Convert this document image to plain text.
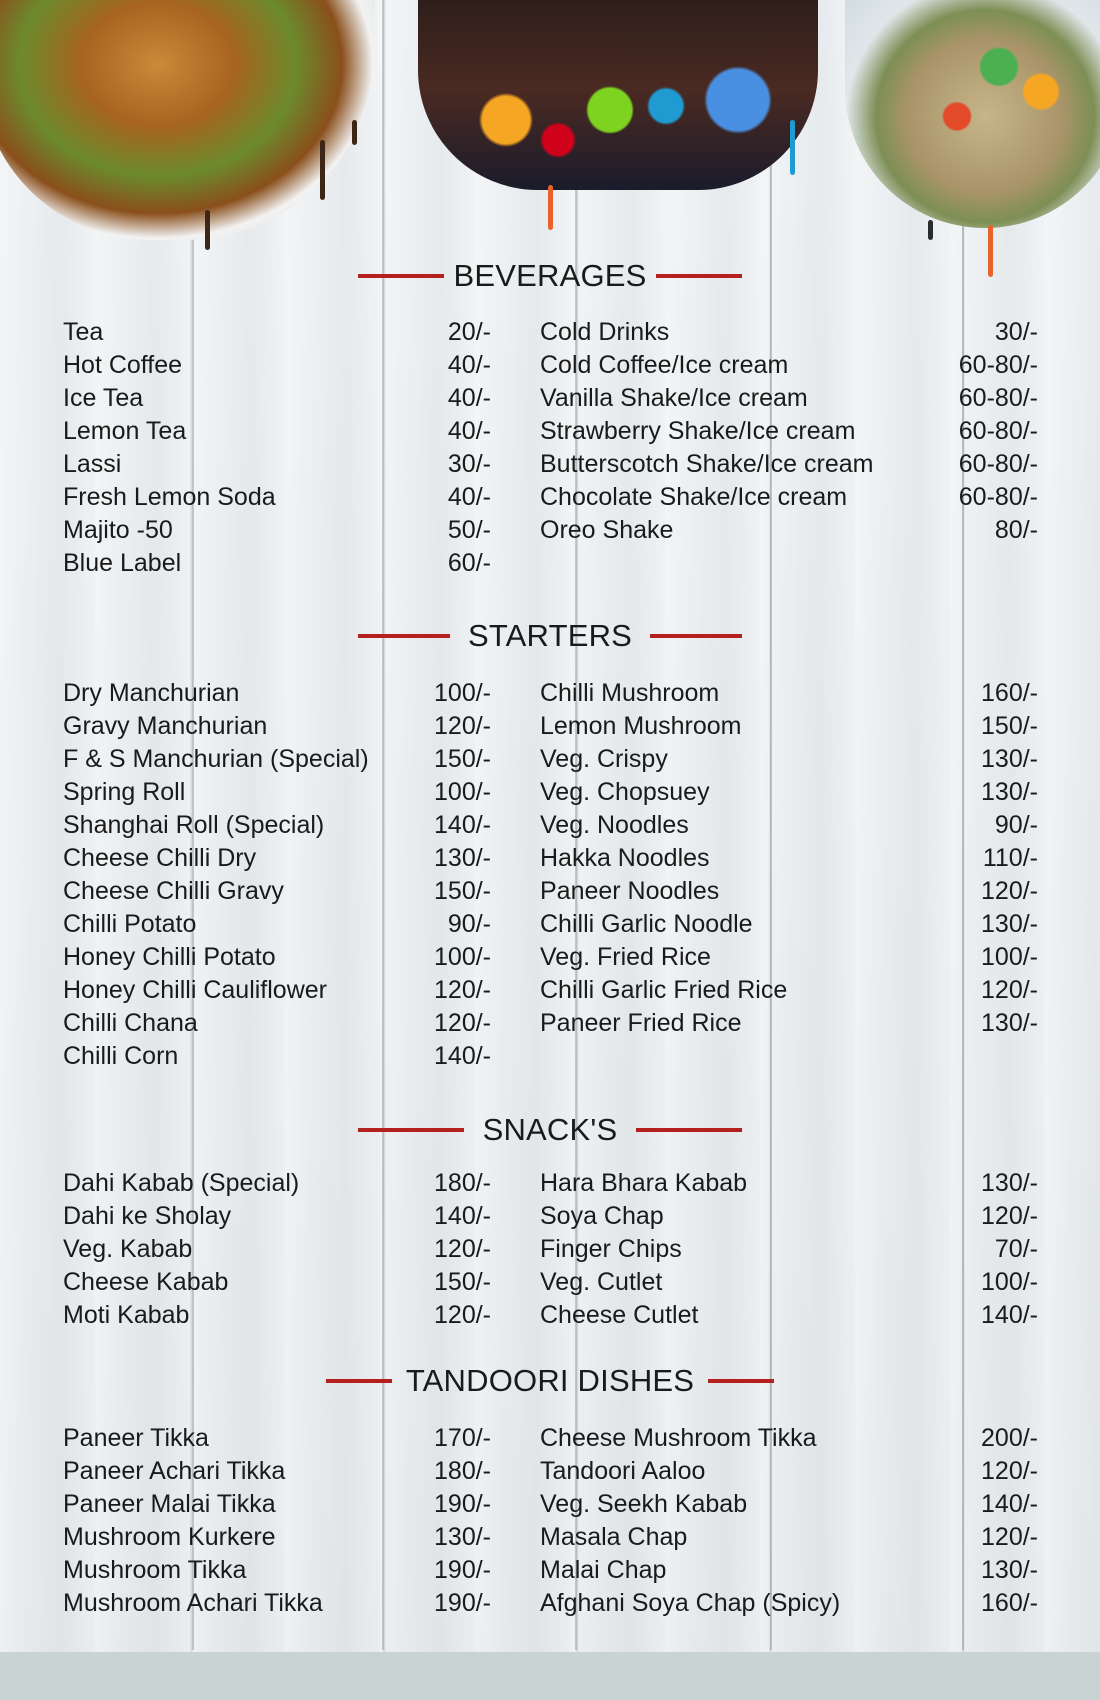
BEVERAGES
Tea	20/-
Hot Coffee	40/-
Ice Tea	40/-
Lemon Tea	40/-
Lassi	30/-
Fresh Lemon Soda	40/-
Majito -50	50/-
Blue Label	60/-
Cold Drinks	30/-
Cold Coffee/Ice cream	60-80/-
Vanilla Shake/Ice cream	60-80/-
Strawberry Shake/Ice cream	60-80/-
Butterscotch Shake/Ice cream	60-80/-
Chocolate Shake/Ice cream	60-80/-
Oreo Shake	80/-
STARTERS
Dry Manchurian	100/-
Gravy Manchurian	120/-
F & S Manchurian (Special)	150/-
Spring Roll	100/-
Shanghai Roll (Special)	140/-
Cheese Chilli Dry	130/-
Cheese Chilli Gravy	150/-
Chilli Potato	90/-
Honey Chilli Potato	100/-
Honey Chilli Cauliflower	120/-
Chilli Chana	120/-
Chilli Corn	140/-
Chilli Mushroom	160/-
Lemon Mushroom	150/-
Veg. Crispy	130/-
Veg. Chopsuey	130/-
Veg. Noodles	90/-
Hakka Noodles	110/-
Paneer Noodles	120/-
Chilli Garlic Noodle	130/-
Veg. Fried Rice	100/-
Chilli Garlic Fried Rice	120/-
Paneer Fried Rice	130/-
SNACK'S
Dahi Kabab (Special)	180/-
Dahi ke Sholay	140/-
Veg. Kabab	120/-
Cheese Kabab	150/-
Moti Kabab	120/-
Hara Bhara Kabab	130/-
Soya Chap	120/-
Finger Chips	70/-
Veg. Cutlet	100/-
Cheese Cutlet	140/-
TANDOORI DISHES
Paneer Tikka	170/-
Paneer Achari Tikka	180/-
Paneer Malai Tikka	190/-
Mushroom Kurkere	130/-
Mushroom Tikka	190/-
Mushroom Achari Tikka	190/-
Cheese Mushroom Tikka	200/-
Tandoori Aaloo	120/-
Veg. Seekh Kabab	140/-
Masala Chap	120/-
Malai Chap	130/-
Afghani Soya Chap (Spicy)	160/-
